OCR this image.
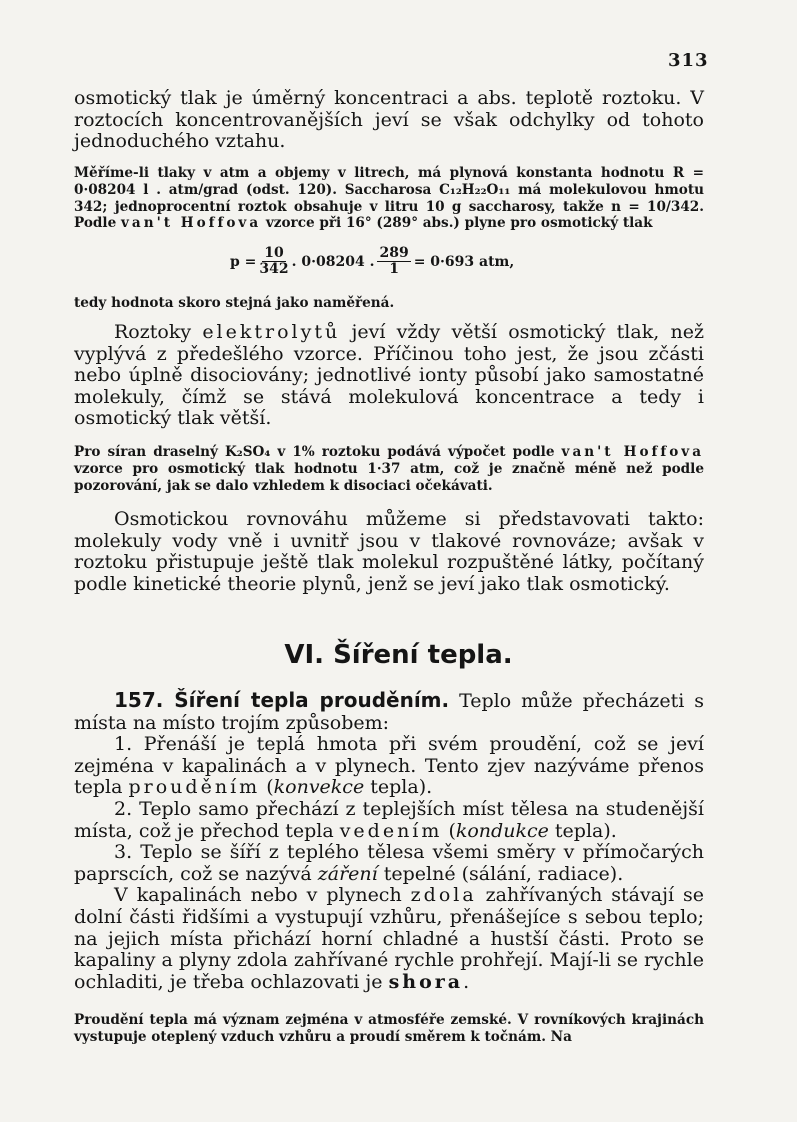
313

osmotický tlak je úměrný koncentraci a abs. teplotě roztoku. V roztocích koncentrovanějších jeví se však odchylky od tohoto jednoduchého vztahu.

Měříme-li tlaky v atm a objemy v litrech, má plynová konstanta hodnotu R = 0·08204 l . atm/grad (odst. 120). Saccharosa C₁₂H₂₂O₁₁ má molekulovou hmotu 342; jednoprocentní roztok obsahuje v litru 10 g saccharosy, takže n = 10/342. Podle van't Hoffova vzorce při 16° (289° abs.) plyne pro osmotický tlak

$p = \frac{10}{342}$ . 0·08204 . $\frac{289}{1} = 0\cdot 693$ atm,

tedy hodnota skoro stejná jako naměřená.

Roztoky elektrolytů jeví vždy větší osmotický tlak, než vyplývá z předešlého vzorce. Příčinou toho jest, že jsou zčásti nebo úplně disociovány; jednotlivé ionty působí jako samostatné molekuly, čímž se stává molekulová koncentrace a tedy i osmotický tlak větší.

Pro síran draselný K₂SO₄ v 1% roztoku podává výpočet podle van't Hoffova vzorce pro osmotický tlak hodnotu 1·37 atm, což je značně méně než podle pozorování, jak se dalo vzhledem k disociaci očekávati.

Osmotickou rovnováhu můžeme si představovati takto: molekuly vody vně i uvnitř jsou v tlakové rovnováze; avšak v roztoku přistupuje ještě tlak molekul rozpuštěné látky, počítaný podle kinetické theorie plynů, jenž se jeví jako tlak osmotický.

VI. Šíření tepla.

157. Šíření tepla prouděním. Teplo může přecházeti s místa na místo trojím způsobem:

1. Přenáší je teplá hmota při svém proudění, což se jeví zejména v kapalinách a v plynech. Tento zjev nazýváme přenos tepla prouděním (konvekce tepla).

2. Teplo samo přechází z teplejších míst tělesa na studenější místa, což je přechod tepla vedením (kondukce tepla).

3. Teplo se šíří z teplého tělesa všemi směry v přímočarých paprscích, což se nazývá záření tepelné (sálání, radiace).

V kapalinách nebo v plynech zdola zahřívaných stávají se dolní části řidšími a vystupují vzhůru, přenášejíce s sebou teplo; na jejich místa přichází horní chladné a hustší části. Proto se kapaliny a plyny zdola zahřívané rychle prohřejí. Mají-li se rychle ochladiti, je třeba ochlazovati je shora.

Proudění tepla má význam zejména v atmosféře zemské. V rovníkových krajinách vystupuje oteplený vzduch vzhůru a proudí směrem k točnám. Na
